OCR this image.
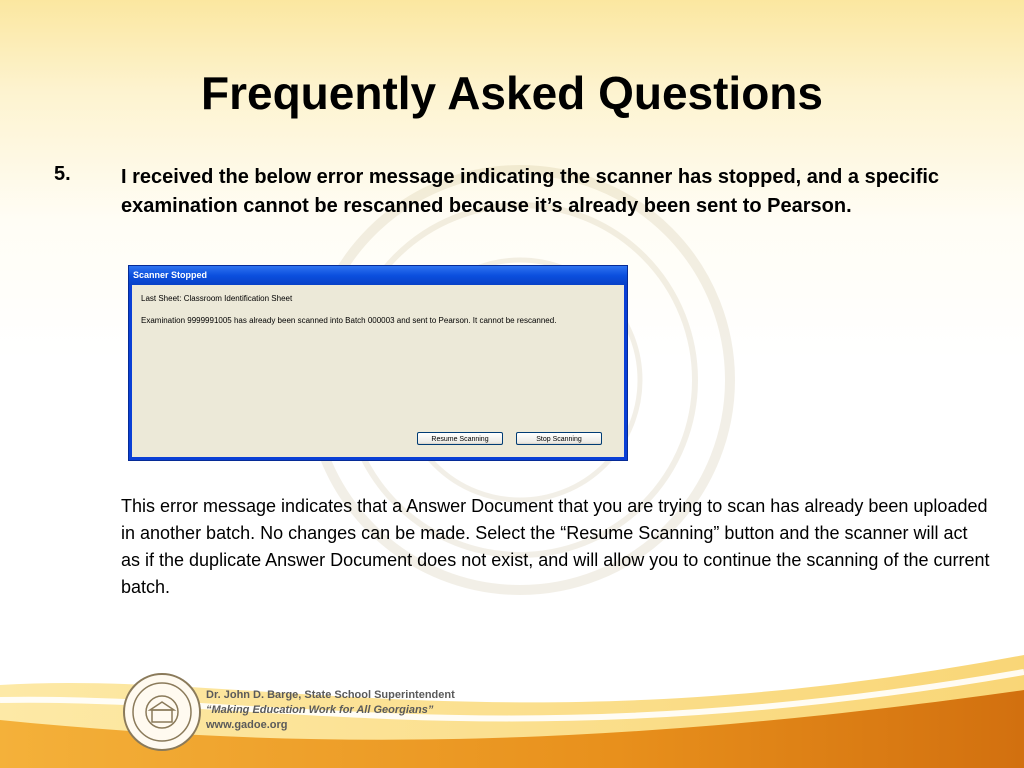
Frequently Asked Questions
5.	I received the below error message indicating the scanner has stopped, and a specific examination cannot be rescanned because it’s already been sent to Pearson.
Scanner Stopped
Last Sheet: Classroom Identification Sheet
Examination 9999991005 has already been scanned into Batch 000003 and sent to Pearson. It cannot be rescanned.
Resume Scanning	Stop Scanning
This error message indicates that a Answer Document that you are trying to scan has already been uploaded in another batch. No changes can be made. Select the “Resume Scanning” button and the scanner will act as if the duplicate Answer Document does not exist, and will allow you to continue the scanning of the current batch.
Dr. John D. Barge, State School Superintendent
“Making Education Work for All Georgians”
www.gadoe.org
